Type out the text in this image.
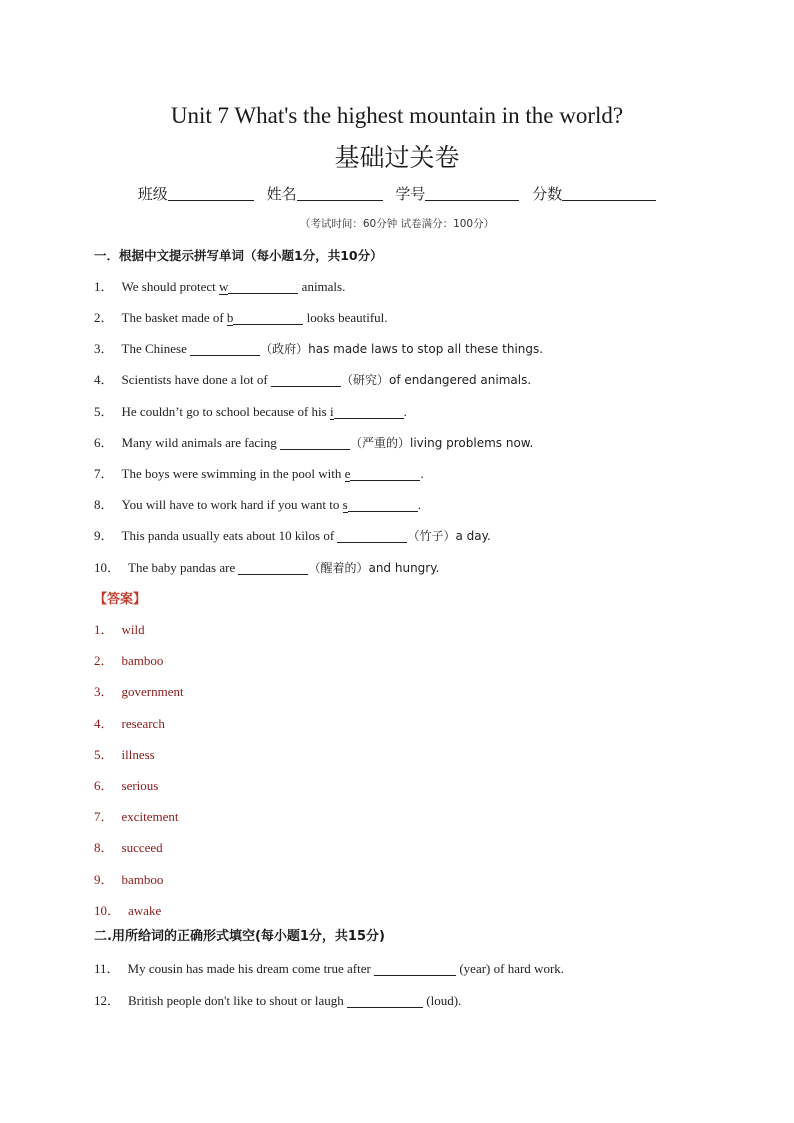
Unit 7 What's the highest mountain in the world?
基础过关卷
班级	姓名	学号	分数
（考试时间：60分钟 试卷满分：100分）
一．根据中文提示拼写单词（每小题1分，共10分）
1． We should protect w	animals.
2． The basket made of b	looks beautiful.
3． The Chinese	（政府）has made laws to stop all these things.
4． Scientists have done a lot of	（研究）of endangered animals.
5． He couldn’t go to school because of his i	.
6． Many wild animals are facing	（严重的）living problems now.
7． The boys were swimming in the pool with e	.
8． You will have to work hard if you want to s	.
9． This panda usually eats about 10 kilos of	（竹子）a day.
10． The baby pandas are	（醒着的）and hungry.
【答案】
1． wild
2． bamboo
3． government
4． research
5． illness
6． serious
7． excitement
8． succeed
9． bamboo
10． awake
二.用所给词的正确形式填空(每小题1分，共15分)
11． My cousin has made his dream come true after	(year) of hard work.
12． British people don't like to shout or laugh	(loud).
